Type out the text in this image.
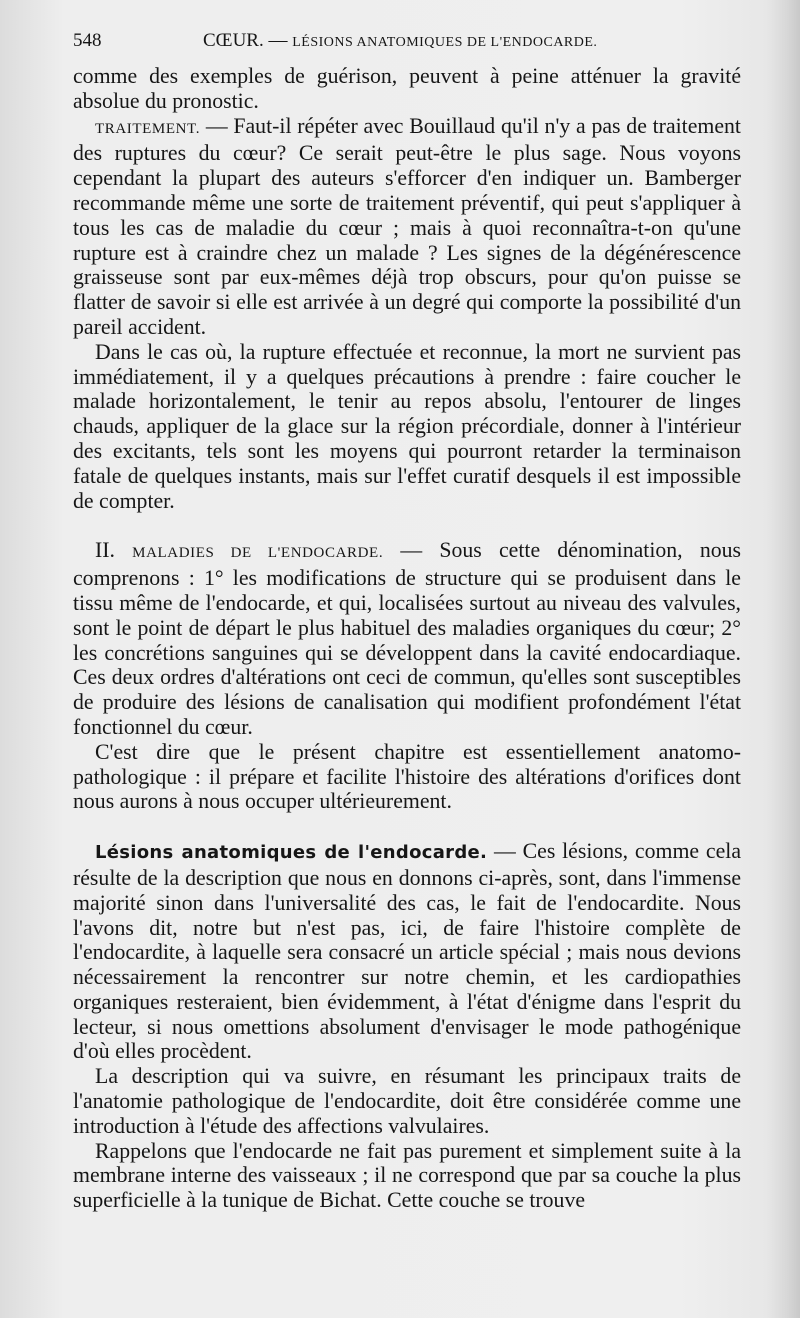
548	CŒUR. — LÉSIONS ANATOMIQUES DE L'ENDOCARDE.

comme des exemples de guérison, peuvent à peine atténuer la gravité absolue du pronostic.

TRAITEMENT. — Faut-il répéter avec Bouillaud qu'il n'y a pas de traitement des ruptures du cœur? Ce serait peut-être le plus sage. Nous voyons cependant la plupart des auteurs s'efforcer d'en indiquer un. Bamberger recommande même une sorte de traitement préventif, qui peut s'appliquer à tous les cas de maladie du cœur ; mais à quoi reconnaîtra-t-on qu'une rupture est à craindre chez un malade ? Les signes de la dégénérescence graisseuse sont par eux-mêmes déjà trop obscurs, pour qu'on puisse se flatter de savoir si elle est arrivée à un degré qui comporte la possibilité d'un pareil accident.

Dans le cas où, la rupture effectuée et reconnue, la mort ne survient pas immédiatement, il y a quelques précautions à prendre : faire coucher le malade horizontalement, le tenir au repos absolu, l'entourer de linges chauds, appliquer de la glace sur la région précordiale, donner à l'intérieur des excitants, tels sont les moyens qui pourront retarder la terminaison fatale de quelques instants, mais sur l'effet curatif desquels il est impossible de compter.

II. MALADIES DE L'ENDOCARDE. — Sous cette dénomination, nous comprenons : 1° les modifications de structure qui se produisent dans le tissu même de l'endocarde, et qui, localisées surtout au niveau des valvules, sont le point de départ le plus habituel des maladies organiques du cœur; 2° les concrétions sanguines qui se développent dans la cavité endocardiaque. Ces deux ordres d'altérations ont ceci de commun, qu'elles sont susceptibles de produire des lésions de canalisation qui modifient profondément l'état fonctionnel du cœur.

C'est dire que le présent chapitre est essentiellement anatomo-pathologique : il prépare et facilite l'histoire des altérations d'orifices dont nous aurons à nous occuper ultérieurement.

Lésions anatomiques de l'endocarde. — Ces lésions, comme cela résulte de la description que nous en donnons ci-après, sont, dans l'immense majorité sinon dans l'universalité des cas, le fait de l'endocardite. Nous l'avons dit, notre but n'est pas, ici, de faire l'histoire complète de l'endocardite, à laquelle sera consacré un article spécial ; mais nous devions nécessairement la rencontrer sur notre chemin, et les cardiopathies organiques resteraient, bien évidemment, à l'état d'énigme dans l'esprit du lecteur, si nous omettions absolument d'envisager le mode pathogénique d'où elles procèdent.

La description qui va suivre, en résumant les principaux traits de l'anatomie pathologique de l'endocardite, doit être considérée comme une introduction à l'étude des affections valvulaires.

Rappelons que l'endocarde ne fait pas purement et simplement suite à la membrane interne des vaisseaux ; il ne correspond que par sa couche la plus superficielle à la tunique de Bichat. Cette couche se trouve
